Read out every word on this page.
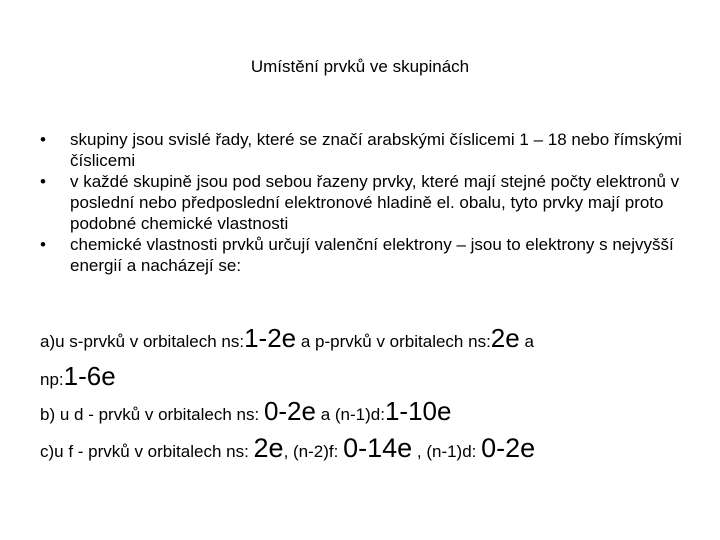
Umístění prvků ve skupinách
• skupiny jsou svislé řady, které se značí arabskými číslicemi 1 – 18 nebo římskými číslicemi
• v každé skupině jsou pod sebou řazeny prvky, které mají stejné počty elektronů v poslední nebo předposlední elektronové hladině el. obalu, tyto prvky mají proto podobné chemické vlastnosti
• chemické vlastnosti prvků určují valenční elektrony – jsou to elektrony s nejvyšší energií a nacházejí se:
a)u s-prvků v orbitalech ns:1-2e a p-prvků v orbitalech ns:2e a
np:1-6e
b) u d - prvků v orbitalech ns: 0-2e a (n-1)d:1-10e
c)u f - prvků v orbitalech ns: 2e, (n-2)f: 0-14e , (n-1)d: 0-2e
